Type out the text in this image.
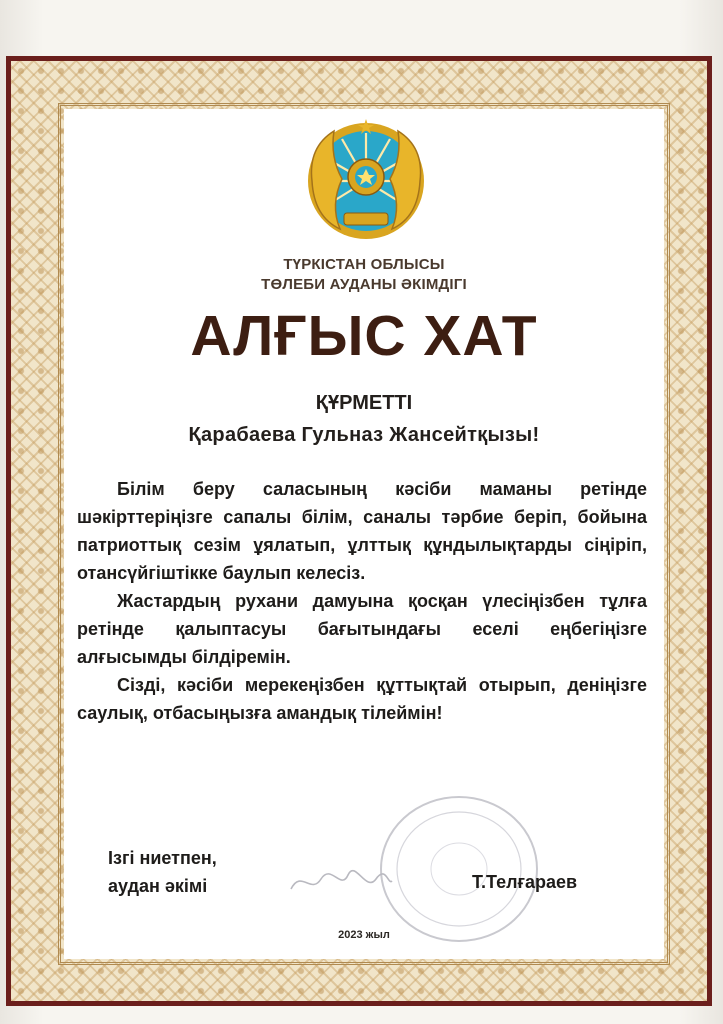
ТҮРКІСТАН ОБЛЫСЫ
ТӨЛЕБИ АУДАНЫ ӘКІМДІГІ
АЛҒЫС ХАТ
ҚҰРМЕТТІ
Қарабаева Гульназ Жансейтқызы!

Білім беру саласының кәсіби маманы ретінде шәкірттеріңізге сапалы білім, саналы тәрбие беріп, бойына патриоттық сезім ұялатып, ұлттық құндылықтарды сіңіріп, отансүйгіштікке баулып келесіз.

Жастардың рухани дамуына қосқан үлесіңізбен тұлға ретінде қалыптасуы бағытындағы еселі еңбегіңізге алғысымды білдіремін.

Сізді, кәсіби мерекеңізбен құттықтай отырып, деніңізге саулық, отбасыңызға амандық тілеймін!

Ізгі ниетпен,
аудан әкімі	Т.Телғараев
2023 жыл
